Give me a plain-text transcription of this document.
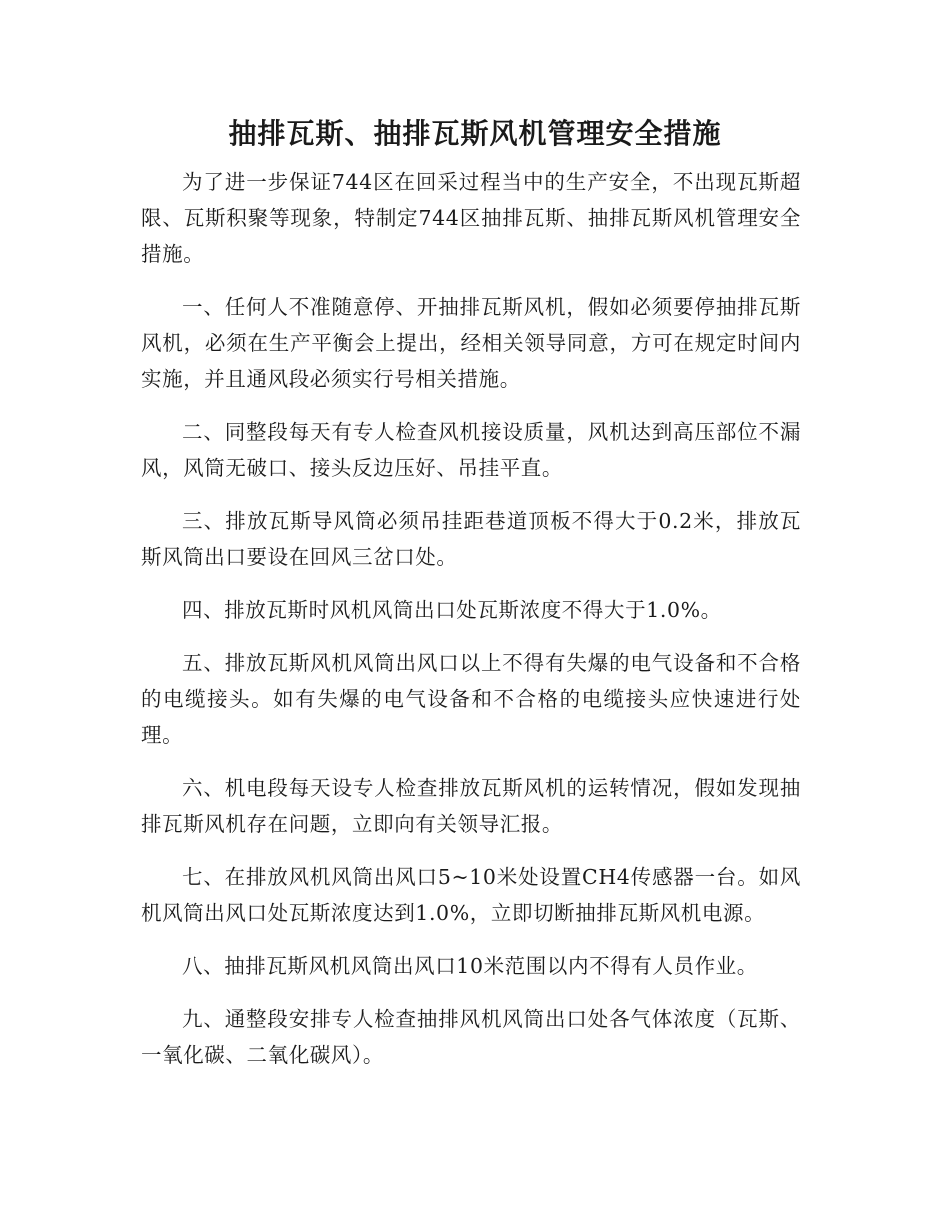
抽排瓦斯、抽排瓦斯风机管理安全措施

为了进一步保证744区在回采过程当中的生产安全，不出现瓦斯超限、瓦斯积聚等现象，特制定744区抽排瓦斯、抽排瓦斯风机管理安全措施。

一、任何人不准随意停、开抽排瓦斯风机，假如必须要停抽排瓦斯风机，必须在生产平衡会上提出，经相关领导同意，方可在规定时间内实施，并且通风段必须实行号相关措施。

二、同整段每天有专人检查风机接设质量，风机达到高压部位不漏风，风筒无破口、接头反边压好、吊挂平直。

三、排放瓦斯导风筒必须吊挂距巷道顶板不得大于0.2米，排放瓦斯风筒出口要设在回风三岔口处。

四、排放瓦斯时风机风筒出口处瓦斯浓度不得大于1.0%。

五、排放瓦斯风机风筒出风口以上不得有失爆的电气设备和不合格的电缆接头。如有失爆的电气设备和不合格的电缆接头应快速进行处理。

六、机电段每天设专人检查排放瓦斯风机的运转情况，假如发现抽排瓦斯风机存在问题，立即向有关领导汇报。

七、在排放风机风筒出风口5~10米处设置CH4传感器一台。如风机风筒出风口处瓦斯浓度达到1.0%，立即切断抽排瓦斯风机电源。

八、抽排瓦斯风机风筒出风口10米范围以内不得有人员作业。

九、通整段安排专人检查抽排风机风筒出口处各气体浓度（瓦斯、一氧化碳、二氧化碳风）。
